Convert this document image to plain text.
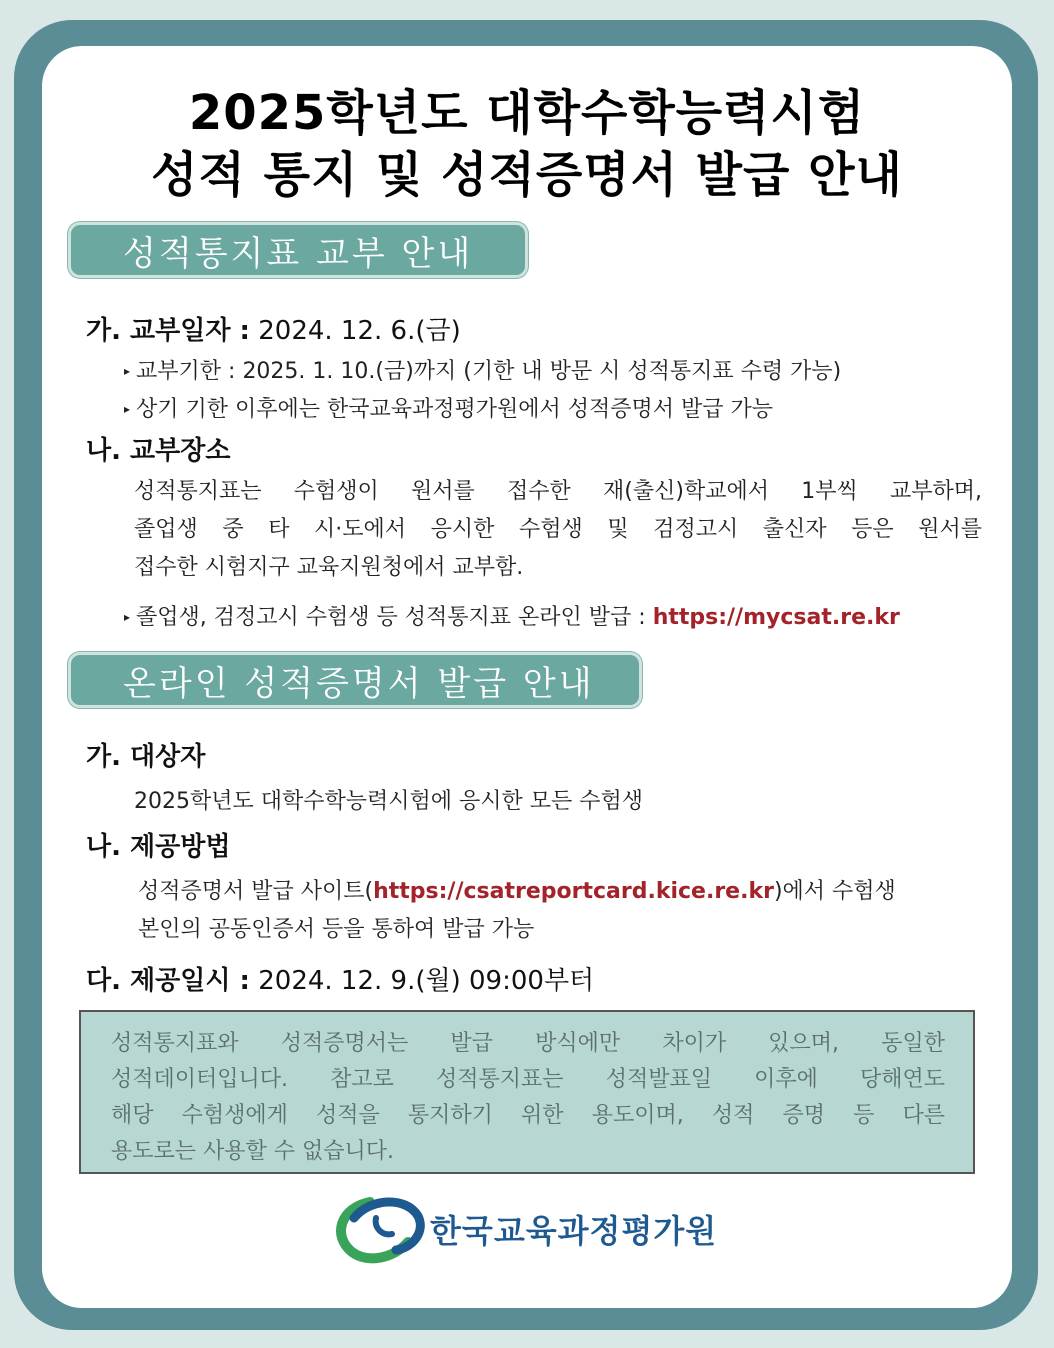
2025학년도 대학수학능력시험
성적 통지 및 성적증명서 발급 안내
성적통지표 교부 안내
가. 교부일자 : 2024. 12. 6.(금)
▸ 교부기한 : 2025. 1. 10.(금)까지 (기한 내 방문 시 성적통지표 수령 가능)
▸ 상기 기한 이후에는 한국교육과정평가원에서 성적증명서 발급 가능
나. 교부장소
성적통지표는 수험생이 원서를 접수한 재(출신)학교에서 1부씩 교부하며,
졸업생 중 타 시·도에서 응시한 수험생 및 검정고시 출신자 등은 원서를
접수한 시험지구 교육지원청에서 교부함.
▸ 졸업생, 검정고시 수험생 등 성적통지표 온라인 발급 : https://mycsat.re.kr
온라인 성적증명서 발급 안내
가. 대상자
2025학년도 대학수학능력시험에 응시한 모든 수험생
나. 제공방법
성적증명서 발급 사이트(https://csatreportcard.kice.re.kr)에서 수험생
본인의 공동인증서 등을 통하여 발급 가능
다. 제공일시 : 2024. 12. 9.(월) 09:00부터
성적통지표와 성적증명서는 발급 방식에만 차이가 있으며, 동일한
성적데이터입니다. 참고로 성적통지표는 성적발표일 이후에 당해연도
해당 수험생에게 성적을 통지하기 위한 용도이며, 성적 증명 등 다른
용도로는 사용할 수 없습니다.
한국교육과정평가원
